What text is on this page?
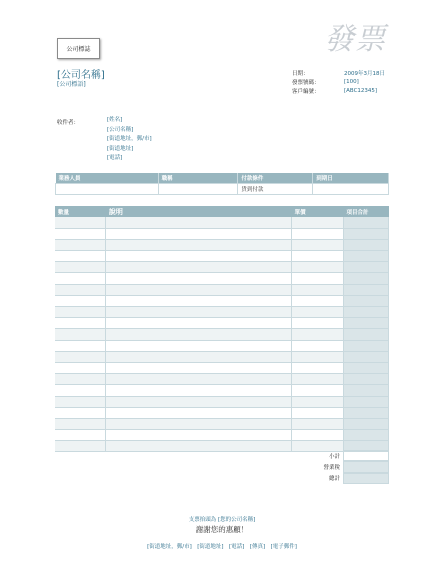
公司標誌	發票
[公司名稱]
[公司標語]
日期：	2009年3月18日
發票號碼：	[100]
客戶編號：	[ABC12345]
收件者：	[姓名]
[公司名稱]
[街道地址，郵/市]
[街道地址]
[電話]
業務人員	職稱	付款條件	到期日
		貨到付款	
數量	說明	單價	項目合計

小計
營業稅
總計
支票抬頭為 [您的公司名稱]
謝謝您的惠顧！
[街道地址，郵/市]　[街道地址]　[電話]　[傳真]　[電子郵件]
